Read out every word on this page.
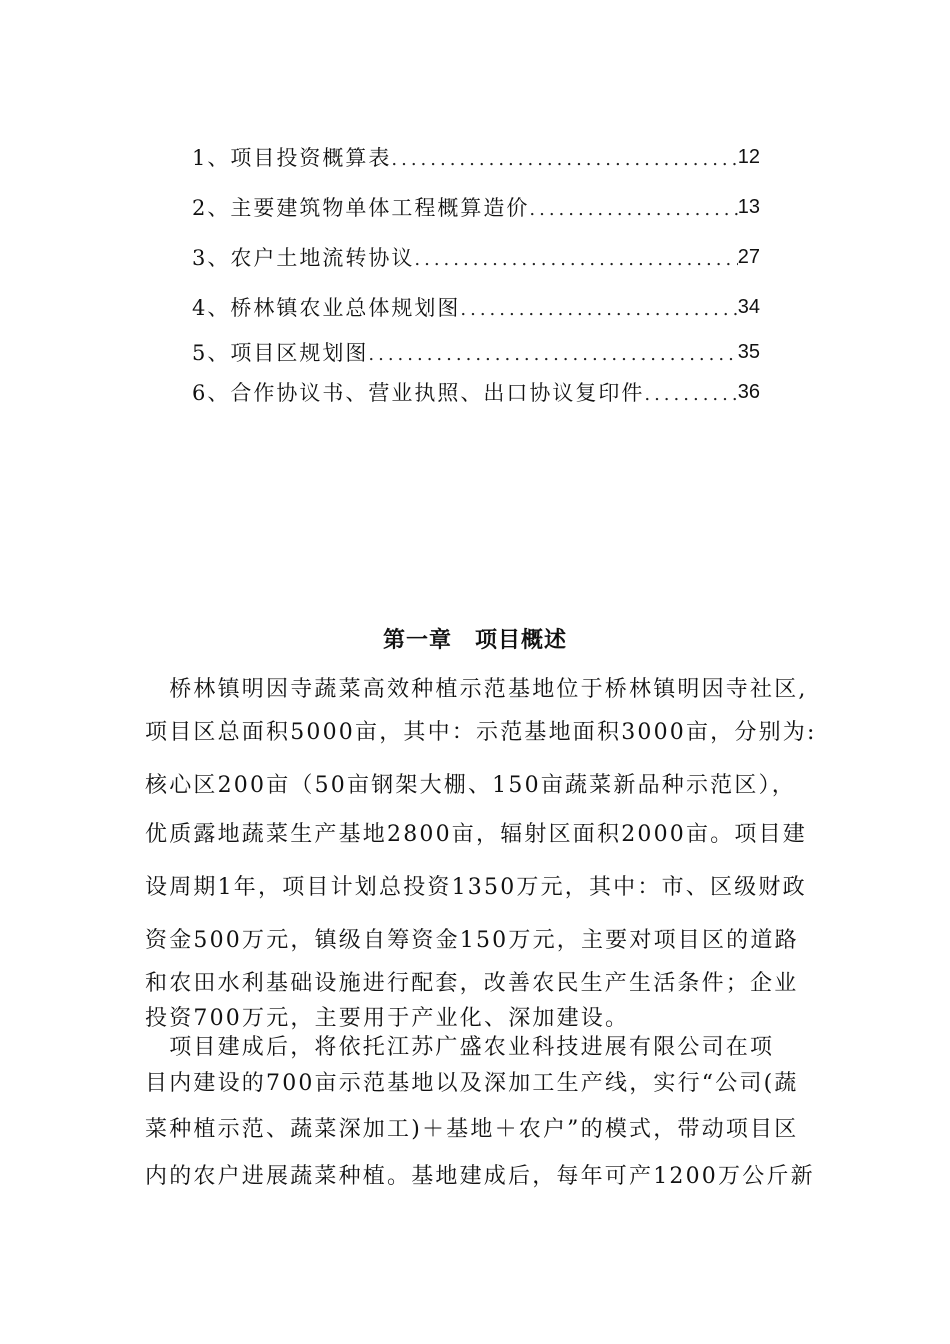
1、项目投资概算表 .....	12
2、主要建筑物单体工程概算造价 .....	13
3、农户土地流转协议 .....	27
4、桥林镇农业总体规划图 .....	34
5、项目区规划图 .....	35
6、合作协议书、营业执照、出口协议复印件 .....	36
第一章　项目概述
　桥林镇明因寺蔬菜高效种植示范基地位于桥林镇明因寺社区,
项目区总面积5000亩，其中：示范基地面积3000亩，分别为:
核心区200亩（50亩钢架大棚、150亩蔬菜新品种示范区），
优质露地蔬菜生产基地2800亩，辐射区面积2000亩。项目建
设周期1年，项目计划总投资1350万元，其中：市、区级财政
资金500万元，镇级自筹资金150万元，主要对项目区的道路
和农田水利基础设施进行配套，改善农民生产生活条件；企业
投资700万元，主要用于产业化、深加建设。
　项目建成后，将依托江苏广盛农业科技进展有限公司在项
目内建设的700亩示范基地以及深加工生产线，实行“公司(蔬
菜种植示范、蔬菜深加工)＋基地＋农户”的模式，带动项目区
内的农户进展蔬菜种植。基地建成后，每年可产1200万公斤新
